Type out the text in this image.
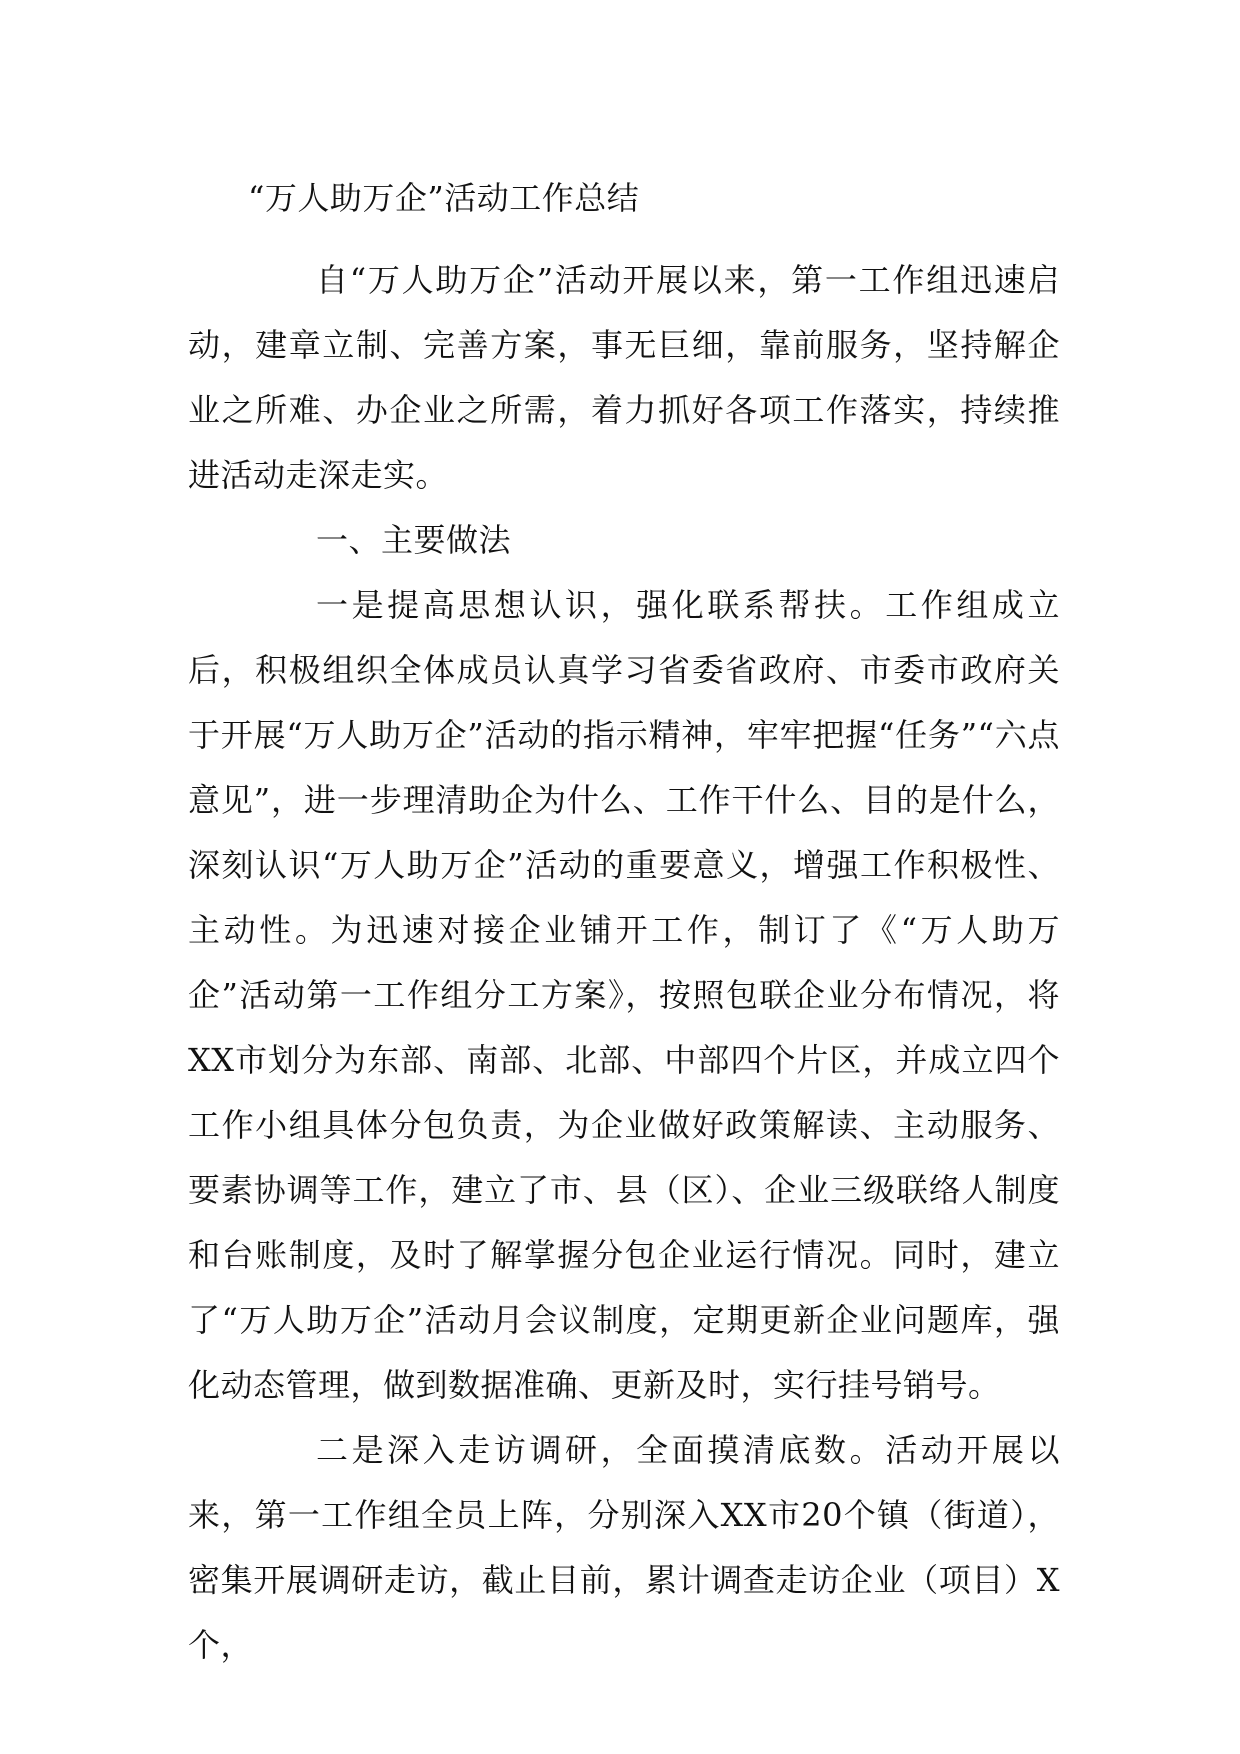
“万人助万企”活动工作总结

自“万人助万企”活动开展以来，第一工作组迅速启动，建章立制、完善方案，事无巨细，靠前服务，坚持解企业之所难、办企业之所需，着力抓好各项工作落实，持续推进活动走深走实。

一、主要做法

一是提高思想认识，强化联系帮扶。工作组成立后，积极组织全体成员认真学习省委省政府、市委市政府关于开展“万人助万企”活动的指示精神，牢牢把握“任务”“六点意见”，进一步理清助企为什么、工作干什么、目的是什么，深刻认识“万人助万企”活动的重要意义，增强工作积极性、主动性。为迅速对接企业铺开工作，制订了《“万人助万企”活动第一工作组分工方案》，按照包联企业分布情况，将XX市划分为东部、南部、北部、中部四个片区，并成立四个工作小组具体分包负责，为企业做好政策解读、主动服务、要素协调等工作，建立了市、县（区）、企业三级联络人制度和台账制度，及时了解掌握分包企业运行情况。同时，建立了“万人助万企”活动月会议制度，定期更新企业问题库，强化动态管理，做到数据准确、更新及时，实行挂号销号。

二是深入走访调研，全面摸清底数。活动开展以来，第一工作组全员上阵，分别深入XX市20个镇（街道），密集开展调研走访，截止目前，累计调查走访企业（项目）X个，
